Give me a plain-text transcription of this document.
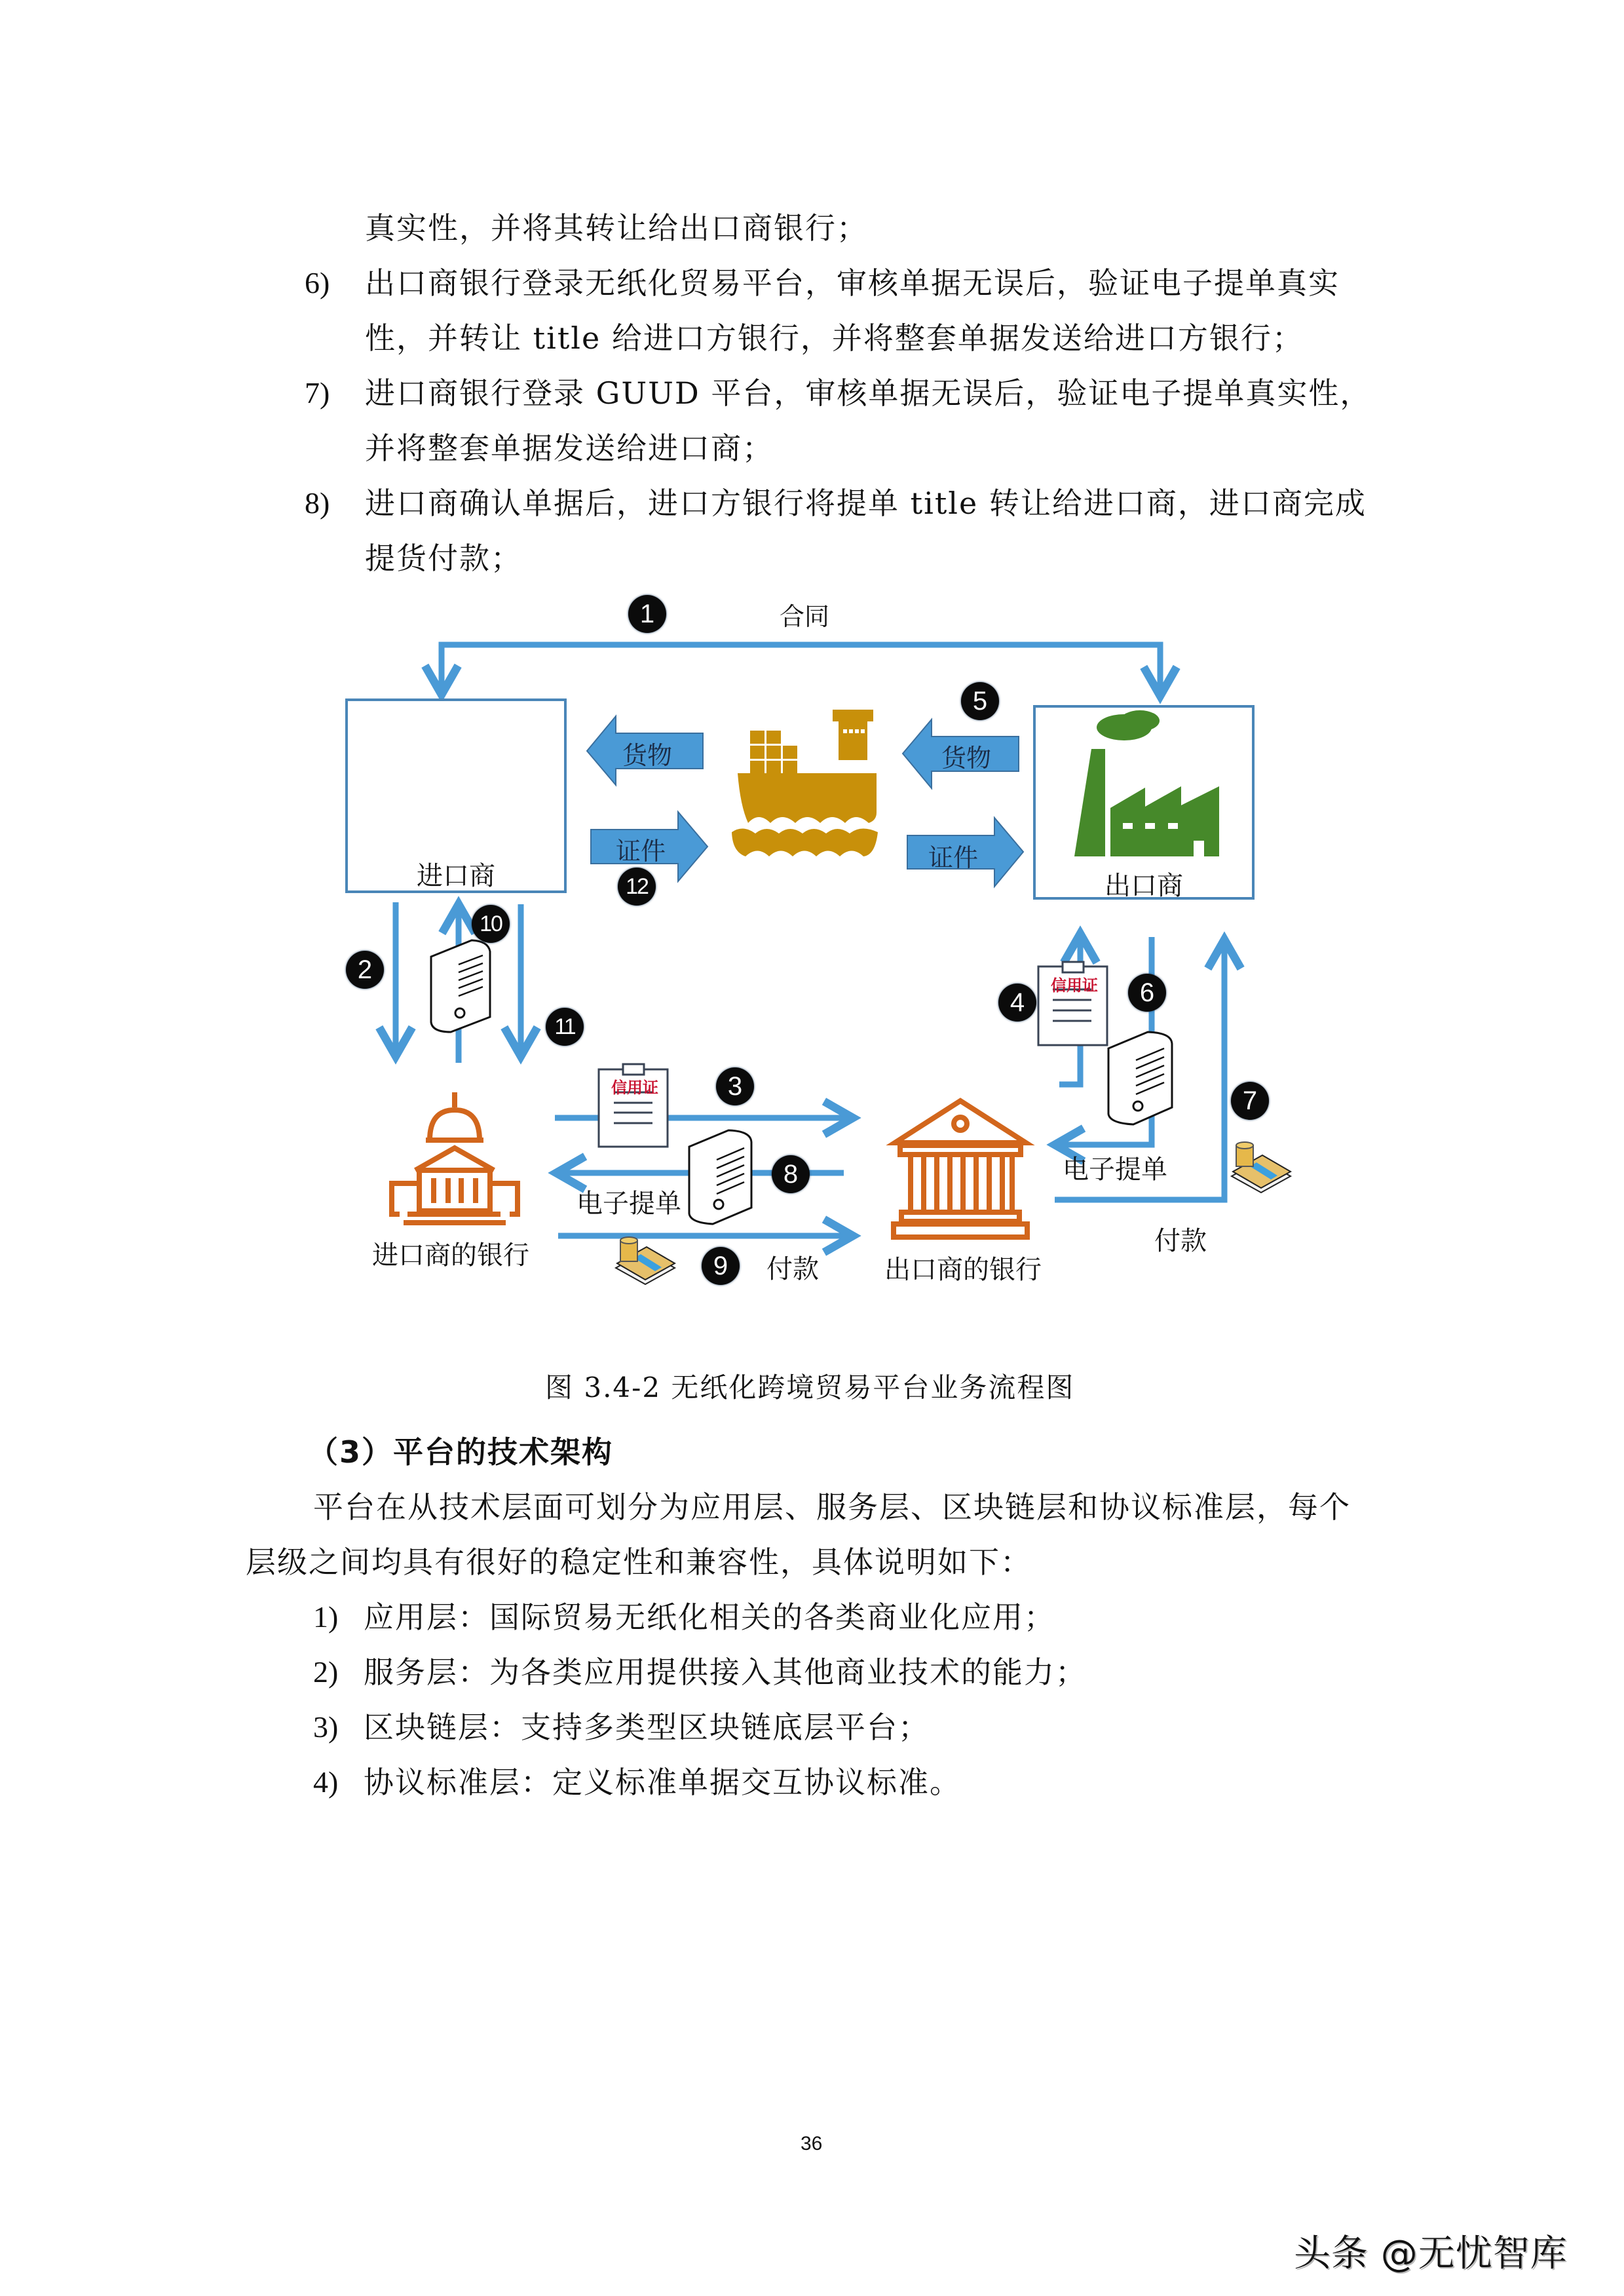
真实性，并将其转让给出口商银行；
6) 出口商银行登录无纸化贸易平台，审核单据无误后，验证电子提单真实
性，并转让 title 给进口方银行，并将整套单据发送给进口方银行；
7) 进口商银行登录 GUUD 平台，审核单据无误后，验证电子提单真实性，
并将整套单据发送给进口商；
8) 进口商确认单据后，进口方银行将提单 title 转让给进口商，进口商完成
提货付款；
进口商	出口商
合同
货物
证件
货物
证件
进口商的银行	出口商的银行
电子提单
电子提单
付款
付款
信用证
信用证
1
2
3
4
5
6
7
8
9
10
11
12
图 3.4-2 无纸化跨境贸易平台业务流程图
（3）平台的技术架构
平台在从技术层面可划分为应用层、服务层、区块链层和协议标准层，每个
层级之间均具有很好的稳定性和兼容性，具体说明如下：
1) 应用层：国际贸易无纸化相关的各类商业化应用；
2) 服务层：为各类应用提供接入其他商业技术的能力；
3) 区块链层：支持多类型区块链底层平台；
4) 协议标准层：定义标准单据交互协议标准。
36
头条 @无忧智库
